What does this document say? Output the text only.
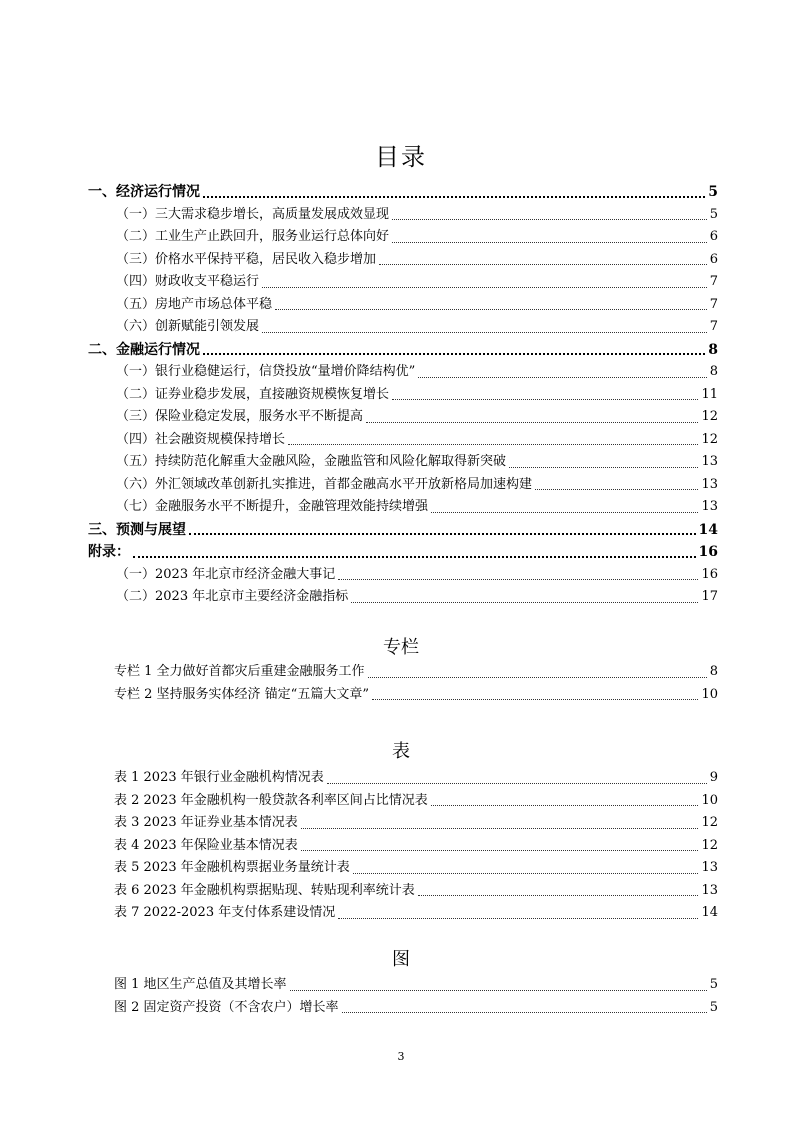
目录
一、经济运行情况	5
（一）三大需求稳步增长，高质量发展成效显现	5
（二）工业生产止跌回升，服务业运行总体向好	6
（三）价格水平保持平稳，居民收入稳步增加	6
（四）财政收支平稳运行	7
（五）房地产市场总体平稳	7
（六）创新赋能引领发展	7
二、金融运行情况	8
（一）银行业稳健运行，信贷投放“量增价降结构优”	8
（二）证券业稳步发展，直接融资规模恢复增长	11
（三）保险业稳定发展，服务水平不断提高	12
（四）社会融资规模保持增长	12
（五）持续防范化解重大金融风险，金融监管和风险化解取得新突破	13
（六）外汇领域改革创新扎实推进，首都金融高水平开放新格局加速构建	13
（七）金融服务水平不断提升，金融管理效能持续增强	13
三、预测与展望	14
附录：	16
（一）2023 年北京市经济金融大事记	16
（二）2023 年北京市主要经济金融指标	17
专栏
专栏 1 全力做好首都灾后重建金融服务工作	8
专栏 2 坚持服务实体经济 锚定“五篇大文章”	10
表
表 1 2023 年银行业金融机构情况表	9
表 2 2023 年金融机构一般贷款各利率区间占比情况表	10
表 3 2023 年证券业基本情况表	12
表 4 2023 年保险业基本情况表	12
表 5 2023 年金融机构票据业务量统计表	13
表 6 2023 年金融机构票据贴现、转贴现利率统计表	13
表 7 2022-2023 年支付体系建设情况	14
图
图 1 地区生产总值及其增长率	5
图 2 固定资产投资（不含农户）增长率	5
3
